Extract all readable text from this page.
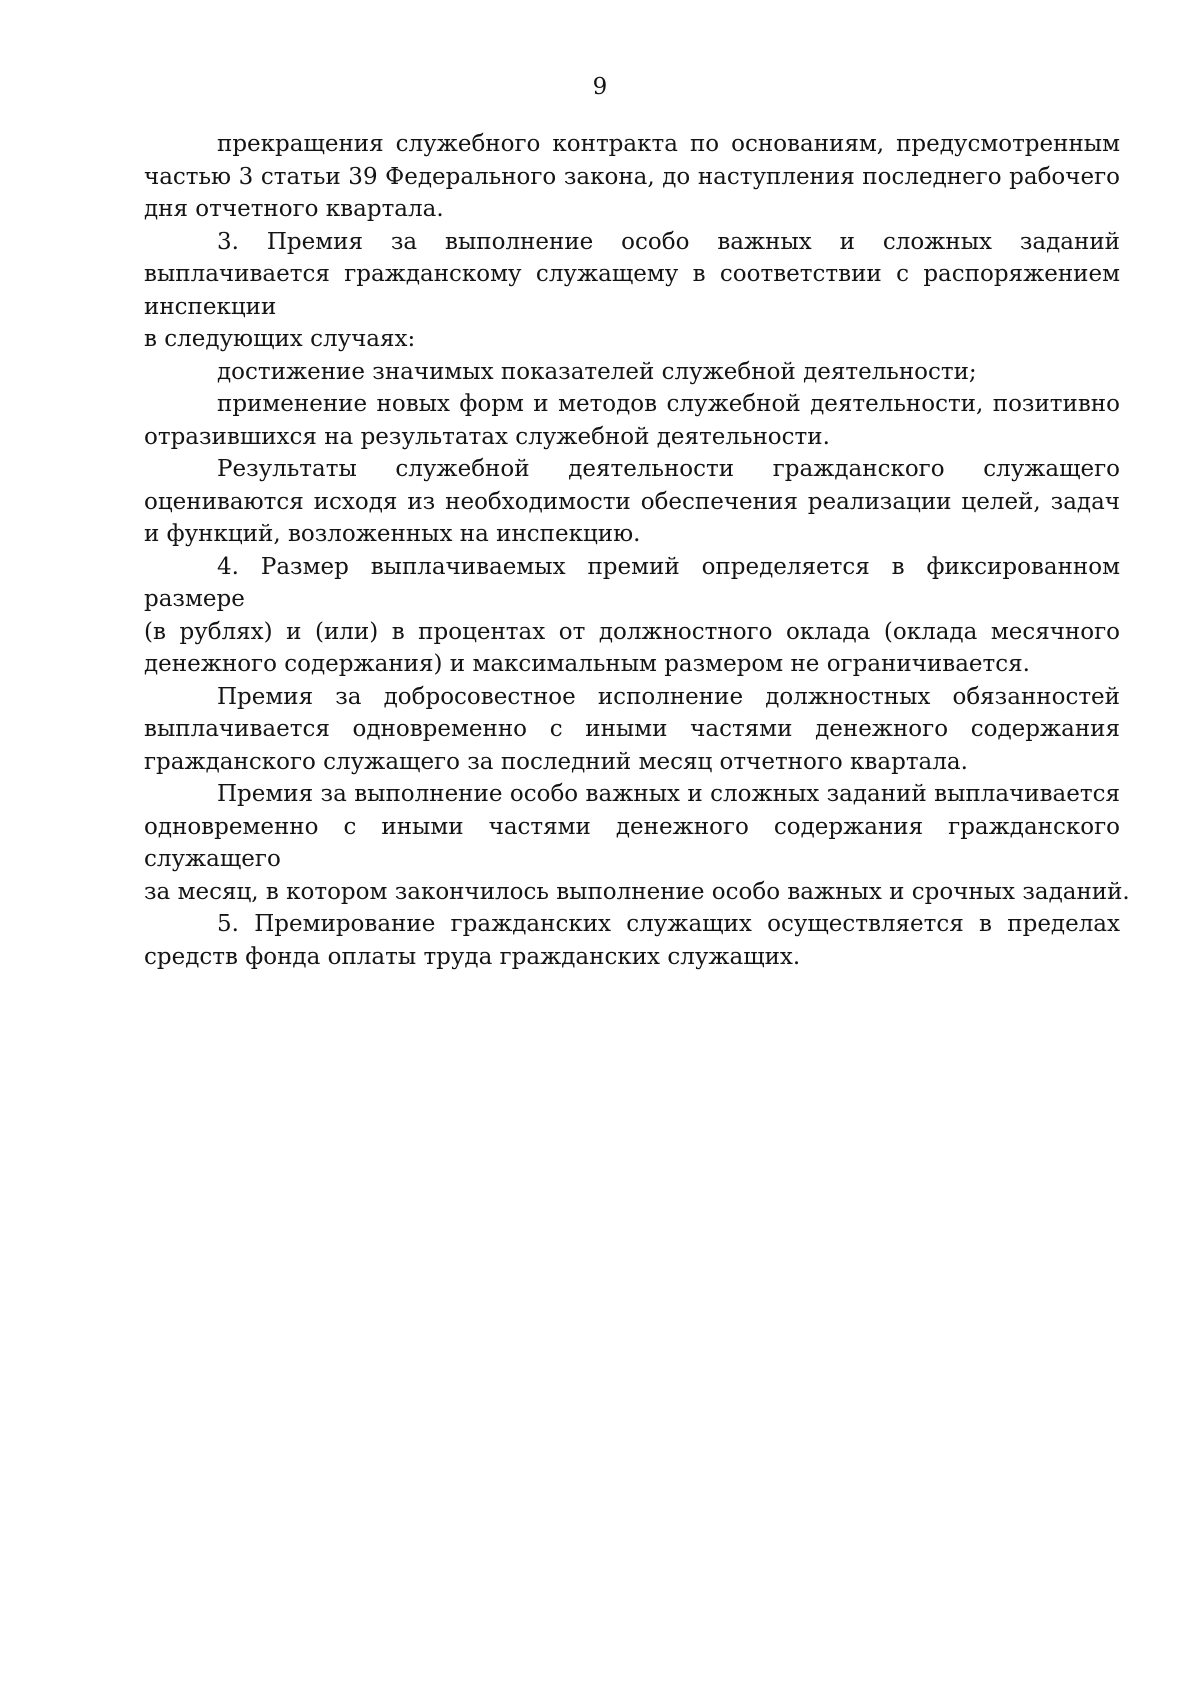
9
прекращения служебного контракта по основаниям, предусмотренным
частью 3 статьи 39 Федерального закона, до наступления последнего рабочего
дня отчетного квартала.
3. Премия за выполнение особо важных и сложных заданий
выплачивается гражданскому служащему в соответствии с распоряжением
инспекции
в следующих случаях:
достижение значимых показателей служебной деятельности;
применение новых форм и методов служебной деятельности, позитивно
отразившихся на результатах служебной деятельности.
Результаты служебной деятельности гражданского служащего
оцениваются исходя из необходимости обеспечения реализации целей, задач
и функций, возложенных на инспекцию.
4. Размер выплачиваемых премий определяется в фиксированном размере
(в рублях) и (или) в процентах от должностного оклада (оклада месячного
денежного содержания) и максимальным размером не ограничивается.
Премия за добросовестное исполнение должностных обязанностей
выплачивается одновременно с иными частями денежного содержания
гражданского служащего за последний месяц отчетного квартала.
Премия за выполнение особо важных и сложных заданий выплачивается
одновременно с иными частями денежного содержания гражданского
служащего
за месяц, в котором закончилось выполнение особо важных и срочных заданий.
5. Премирование гражданских служащих осуществляется в пределах
средств фонда оплаты труда гражданских служащих.
